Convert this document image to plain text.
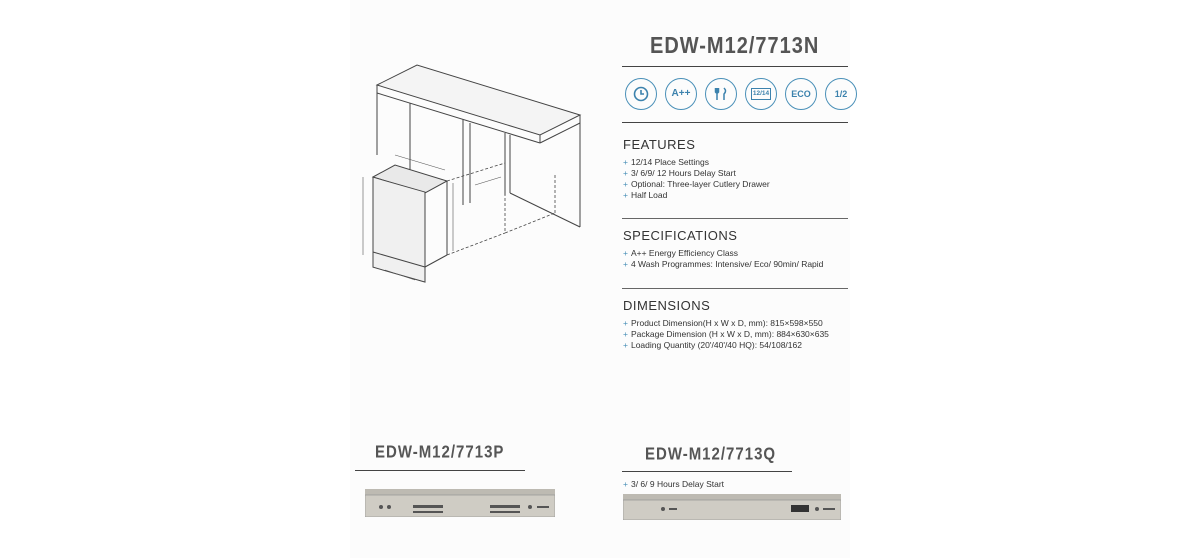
EDW-M12/7713N
A++	12/14 ECO	1/2
FEATURES
+ 12/14 Place Settings
+ 3/ 6/9/ 12 Hours Delay Start
+ Optional: Three-layer Cutlery Drawer
+ Half Load
SPECIFICATIONS
+ A++ Energy Efficiency Class
+ 4 Wash Programmes: Intensive/ Eco/ 90min/ Rapid
DIMENSIONS
+ Product Dimension(H x W x D, mm): 815×598×550
+ Package Dimension (H x W x D, mm): 884×630×635
+ Loading Quantity (20'/40'/40 HQ): 54/108/162
EDW-M12/7713P	EDW-M12/7713Q
+ 3/ 6/ 9 Hours Delay Start
